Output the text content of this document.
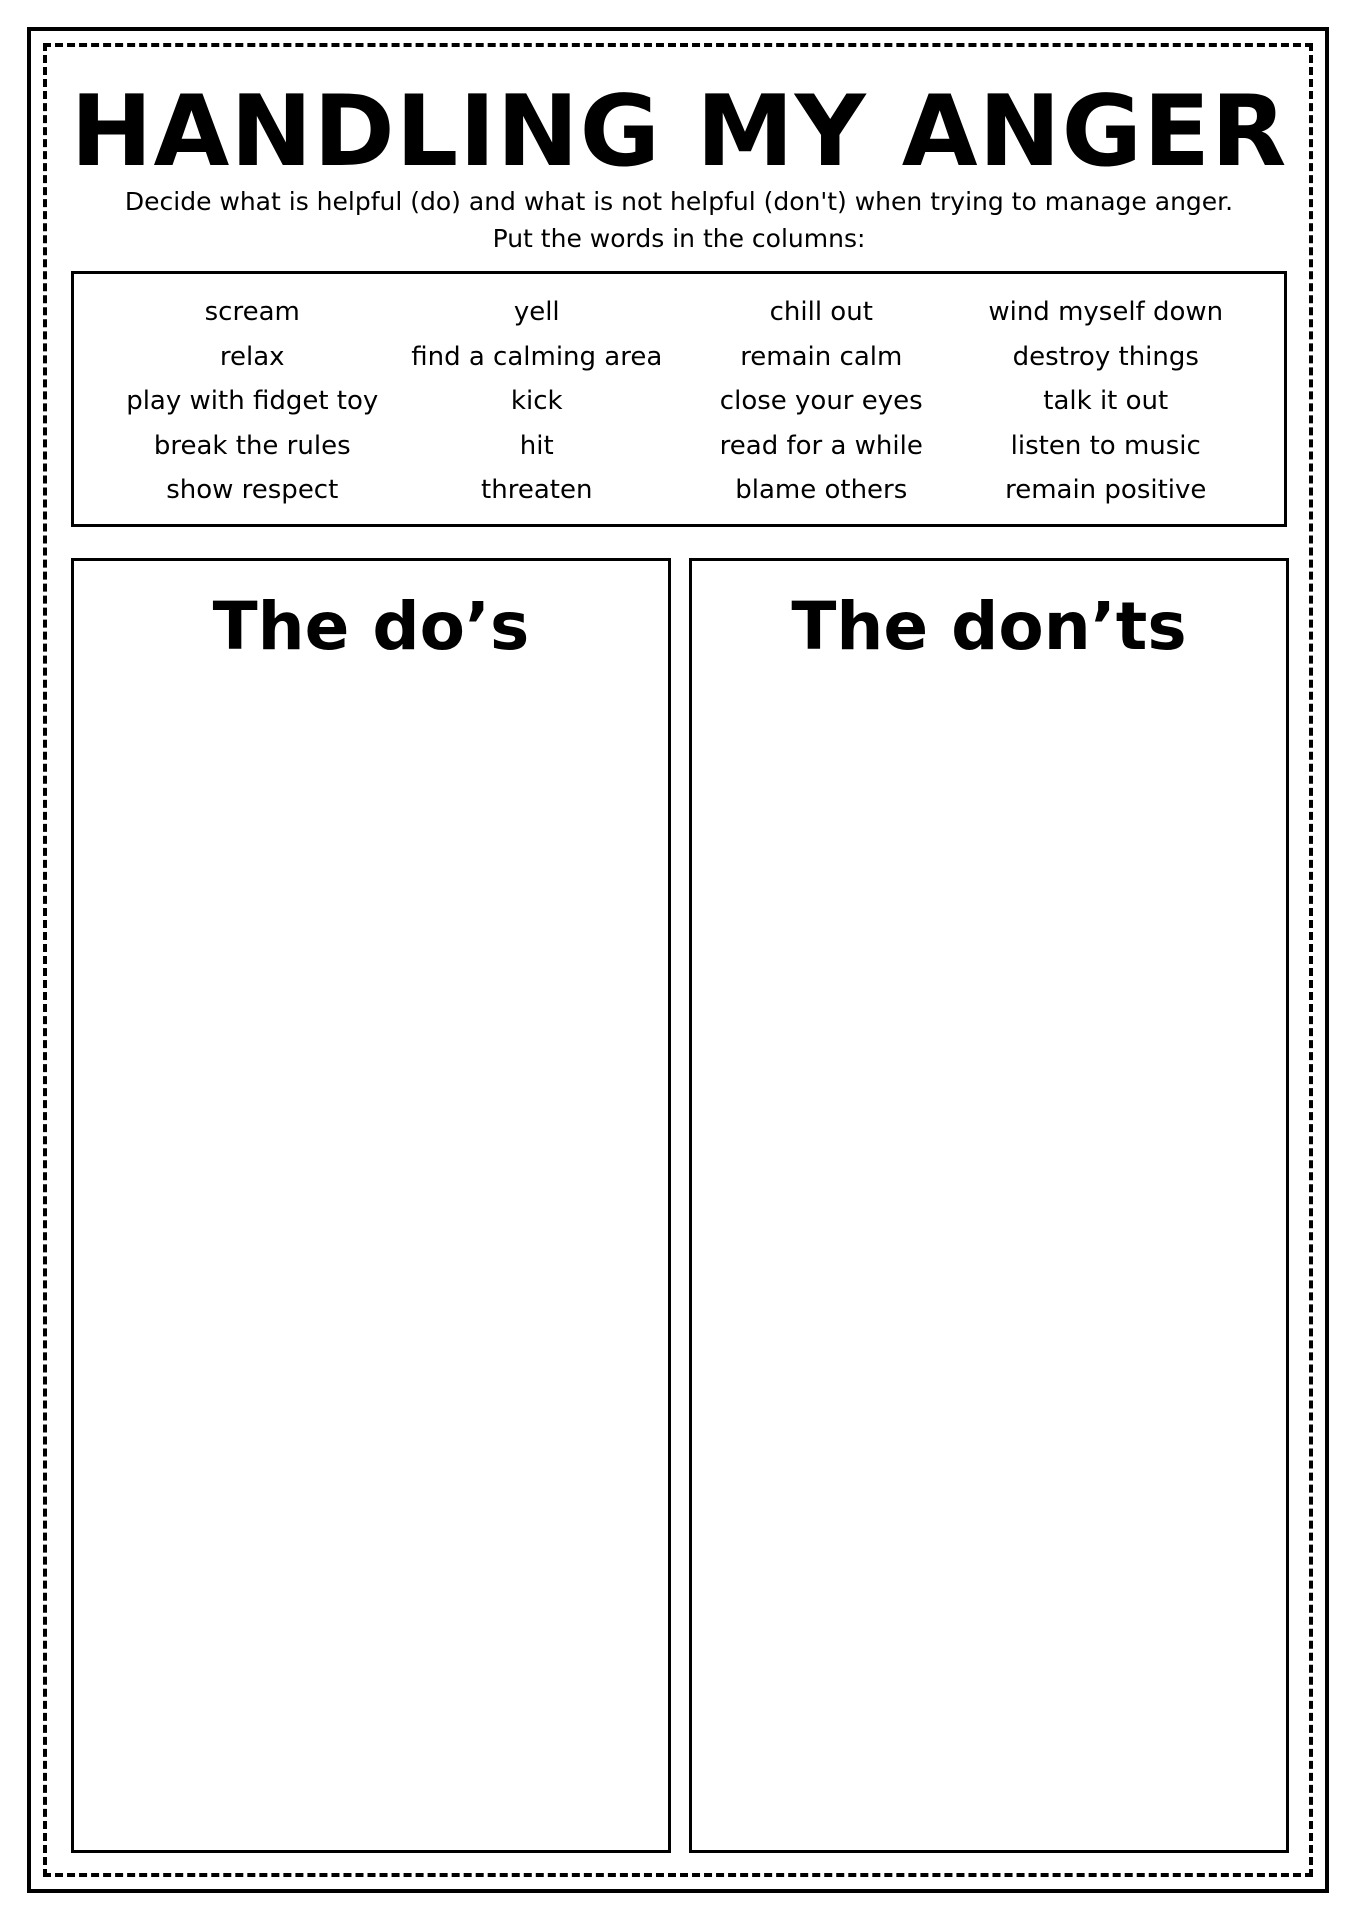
HANDLING MY ANGER
Decide what is helpful (do) and what is not helpful (don't) when trying to manage anger.
Put the words in the columns:
scream
relax
play with fidget toy
break the rules
show respect
yell
find a calming area
kick
hit
threaten
chill out
remain calm
close your eyes
read for a while
blame others
wind myself down
destroy things
talk it out
listen to music
remain positive
The do’s	The don’ts
